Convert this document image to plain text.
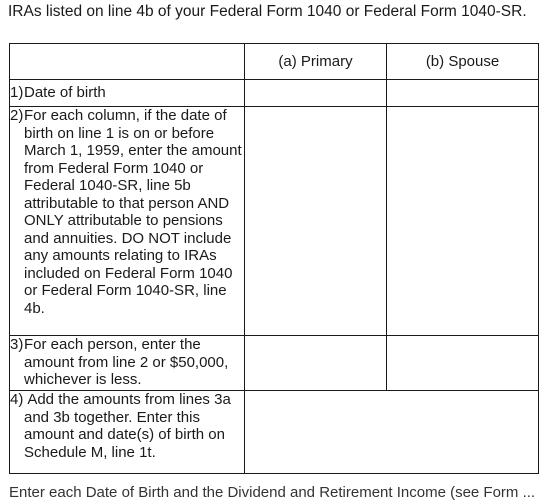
IRAs listed on line 4b of your Federal Form 1040 or Federal Form 1040-SR.
	(a) Primary	(b) Spouse

1)Date of birth		

2)For each column, if the date of birth on line 1 is on or before March 1, 1959, enter the amount from Federal Form 1040 or Federal 1040-SR, line 5b attributable to that person AND ONLY attributable to pensions and annuities. DO NOT include any amounts relating to IRAs included on Federal Form 1040 or Federal Form 1040-SR, line 4b.		

3)For each person, enter the amount from line 2 or $50,000, whichever is less.		

4) Add the amounts from lines 3a and 3b together. Enter this amount and date(s) of birth on Schedule M, line 1t.		

Enter each Date of Birth and the Dividend and Retirement Income (see Form ...
